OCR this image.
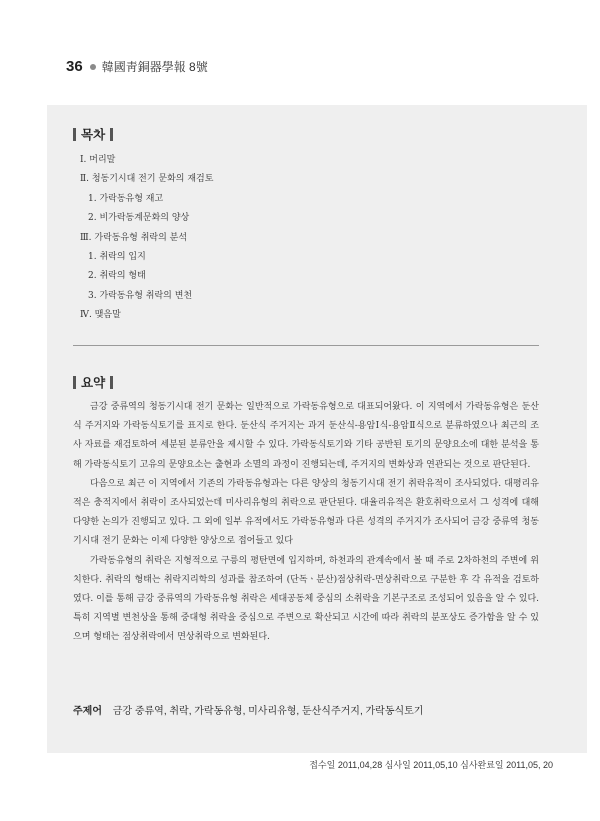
36 韓國靑銅器學報 8號
목차
Ⅰ. 머리말
Ⅱ. 청동기시대 전기 문화의 재검토
1. 가락동유형 재고
2. 비가락동계문화의 양상
Ⅲ. 가락동유형 취락의 분석
1. 취락의 입지
2. 취락의 형태
3. 가락동유형 취락의 변천
Ⅳ. 맺음말
요약

금강 중류역의 청동기시대 전기 문화는 일반적으로 가락동유형으로 대표되어왔다. 이 지역에서 가락동유형은 둔산식 주거지와 가락동식토기를 표지로 한다. 둔산식 주거지는 과거 둔산식-용암Ⅰ식-용암Ⅱ식으로 분류하였으나 최근의 조사 자료를 재검토하여 세분된 분류안을 제시할 수 있다. 가락동식토기와 기타 공반된 토기의 문양요소에 대한 분석을 통해 가락동식토기 고유의 문양요소는 출현과 소멸의 과정이 진행되는데, 주거지의 변화상과 연관되는 것으로 판단된다.

다음으로 최근 이 지역에서 기존의 가락동유형과는 다른 양상의 청동기시대 전기 취락유적이 조사되었다. 대평리유적은 충적지에서 취락이 조사되었는데 미사리유형의 취락으로 판단된다. 대율리유적은 환호취락으로서 그 성격에 대해 다양한 논의가 진행되고 있다. 그 외에 일부 유적에서도 가락동유형과 다른 성격의 주거지가 조사되어 금강 중류역 청동기시대 전기 문화는 이제 다양한 양상으로 접어들고 있다

가락동유형의 취락은 지형적으로 구릉의 평탄면에 입지하며, 하천과의 관계속에서 볼 때 주로 2차하천의 주변에 위치한다. 취락의 형태는 취락지리학의 성과를 참조하여 (단독ㆍ분산)점상취락-면상취락으로 구분한 후 각 유적을 검토하였다. 이를 통해 금강 중류역의 가락동유형 취락은 세대공동체 중심의 소취락을 기본구조로 조성되어 있음을 알 수 있다. 특히 지역별 변천상을 통해 중대형 취락을 중심으로 주변으로 확산되고 시간에 따라 취락의 분포상도 증가함을 알 수 있으며 형태는 점상취락에서 면상취락으로 변화된다.

주제어 금강 중류역, 취락, 가락동유형, 미사리유형, 둔산식주거지, 가락동식토기
접수일 2011,04,28 심사일 2011,05,10 심사완료일 2011,05, 20
